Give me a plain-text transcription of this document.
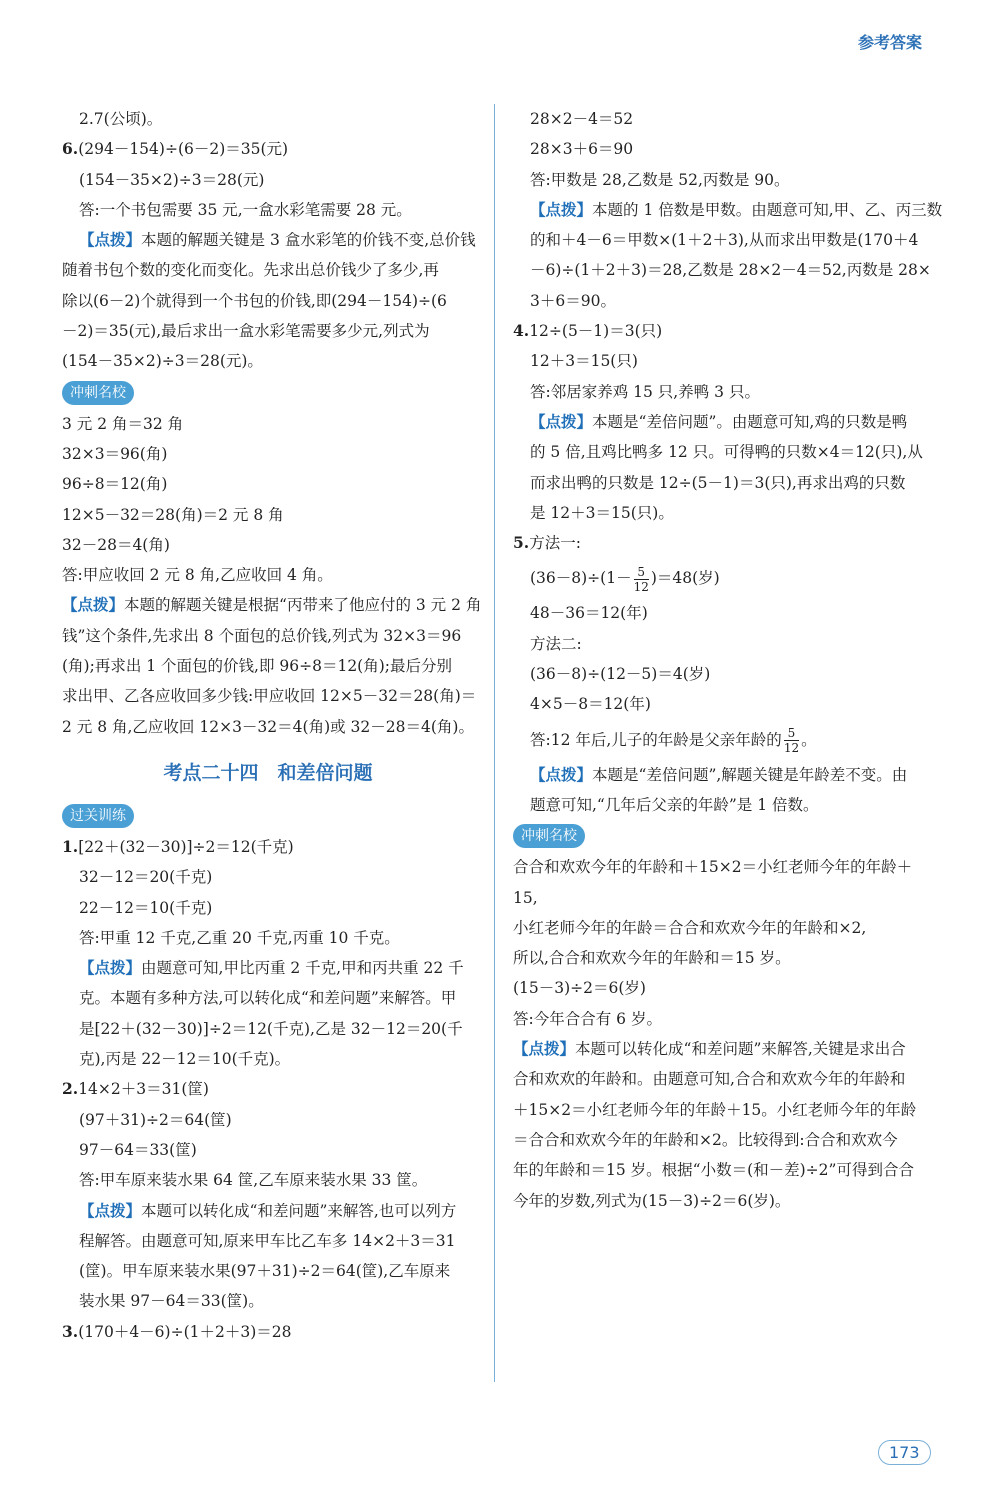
参考答案
2.7(公顷)。
6.(294－154)÷(6－2)＝35(元)
(154－35×2)÷3＝28(元)
答:一个书包需要 35 元,一盒水彩笔需要 28 元。
【点拨】本题的解题关键是 3 盒水彩笔的价钱不变,总价钱
随着书包个数的变化而变化。先求出总价钱少了多少,再
除以(6－2)个就得到一个书包的价钱,即(294－154)÷(6
－2)＝35(元),最后求出一盒水彩笔需要多少元,列式为
(154－35×2)÷3＝28(元)。
冲刺名校
3 元 2 角＝32 角
32×3＝96(角)
96÷8＝12(角)
12×5－32＝28(角)＝2 元 8 角
32－28＝4(角)
答:甲应收回 2 元 8 角,乙应收回 4 角。
【点拨】本题的解题关键是根据“丙带来了他应付的 3 元 2 角
钱”这个条件,先求出 8 个面包的总价钱,列式为 32×3＝96
(角);再求出 1 个面包的价钱,即 96÷8＝12(角);最后分别
求出甲、乙各应收回多少钱:甲应收回 12×5－32＝28(角)＝
2 元 8 角,乙应收回 12×3－32＝4(角)或 32－28＝4(角)。
考点二十四　和差倍问题
过关训练
1.[22＋(32－30)]÷2＝12(千克)
32－12＝20(千克)
22－12＝10(千克)
答:甲重 12 千克,乙重 20 千克,丙重 10 千克。
【点拨】由题意可知,甲比丙重 2 千克,甲和丙共重 22 千
克。本题有多种方法,可以转化成“和差问题”来解答。甲
是[22＋(32－30)]÷2＝12(千克),乙是 32－12＝20(千
克),丙是 22－12＝10(千克)。
2.14×2＋3＝31(筐)
(97＋31)÷2＝64(筐)
97－64＝33(筐)
答:甲车原来装水果 64 筐,乙车原来装水果 33 筐。
【点拨】本题可以转化成“和差问题”来解答,也可以列方
程解答。由题意可知,原来甲车比乙车多 14×2＋3＝31
(筐)。甲车原来装水果(97＋31)÷2＝64(筐),乙车原来
装水果 97－64＝33(筐)。
3.(170＋4－6)÷(1＋2＋3)＝28
28×2－4＝52
28×3＋6＝90
答:甲数是 28,乙数是 52,丙数是 90。
【点拨】本题的 1 倍数是甲数。由题意可知,甲、乙、丙三数
的和＋4－6＝甲数×(1＋2＋3),从而求出甲数是(170＋4
－6)÷(1＋2＋3)＝28,乙数是 28×2－4＝52,丙数是 28×
3＋6＝90。
4.12÷(5－1)＝3(只)
12＋3＝15(只)
答:邻居家养鸡 15 只,养鸭 3 只。
【点拨】本题是“差倍问题”。由题意可知,鸡的只数是鸭
的 5 倍,且鸡比鸭多 12 只。可得鸭的只数×4＝12(只),从
而求出鸭的只数是 12÷(5－1)＝3(只),再求出鸡的只数
是 12＋3＝15(只)。
5.方法一:
$(36-8)\div(1- \frac{5}{12} )=48$(岁)
48－36＝12(年)
方法二:
(36－8)÷(12－5)＝4(岁)
4×5－8＝12(年)
答:12 年后,儿子的年龄是父亲年龄的 $\frac{5}{12}$ 。
【点拨】本题是“差倍问题”,解题关键是年龄差不变。由
题意可知,“几年后父亲的年龄”是 1 倍数。
冲刺名校
合合和欢欢今年的年龄和＋15×2＝小红老师今年的年龄＋
15,
小红老师今年的年龄＝合合和欢欢今年的年龄和×2,
所以,合合和欢欢今年的年龄和＝15 岁。
(15－3)÷2＝6(岁)
答:今年合合有 6 岁。
【点拨】本题可以转化成“和差问题”来解答,关键是求出合
合和欢欢的年龄和。由题意可知,合合和欢欢今年的年龄和
＋15×2＝小红老师今年的年龄＋15。小红老师今年的年龄
＝合合和欢欢今年的年龄和×2。比较得到:合合和欢欢今
年的年龄和＝15 岁。根据“小数＝(和－差)÷2”可得到合合
今年的岁数,列式为(15－3)÷2＝6(岁)。
173
